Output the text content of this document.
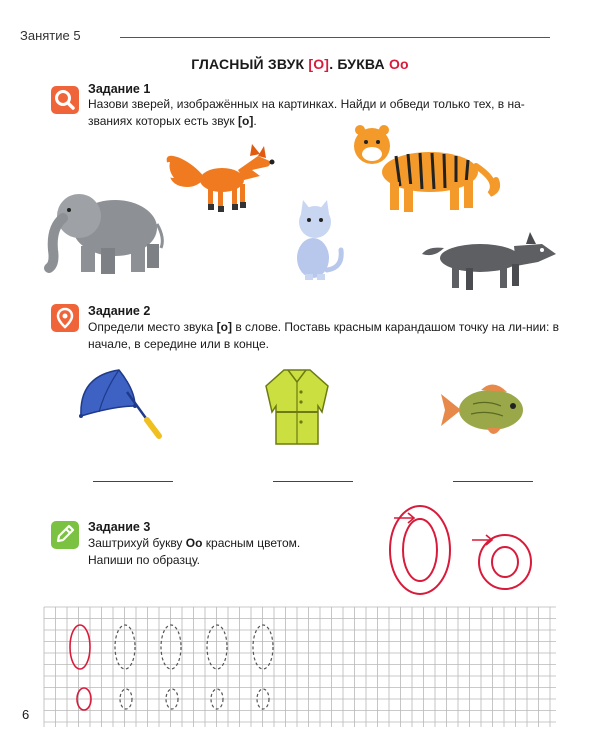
Занятие 5
ГЛАСНЫЙ ЗВУК [О]. БУКВА Оо
Задание 1
Назови зверей, изображённых на картинках. Найди и обведи только тех, в на-званиях которых есть звук [о].
Задание 2
Определи место звука [о] в слове. Поставь красным карандашом точку на ли-нии: в начале, в середине или в конце.
Задание 3
Заштрихуй букву Оо красным цветом.
Напиши по образцу.
6
